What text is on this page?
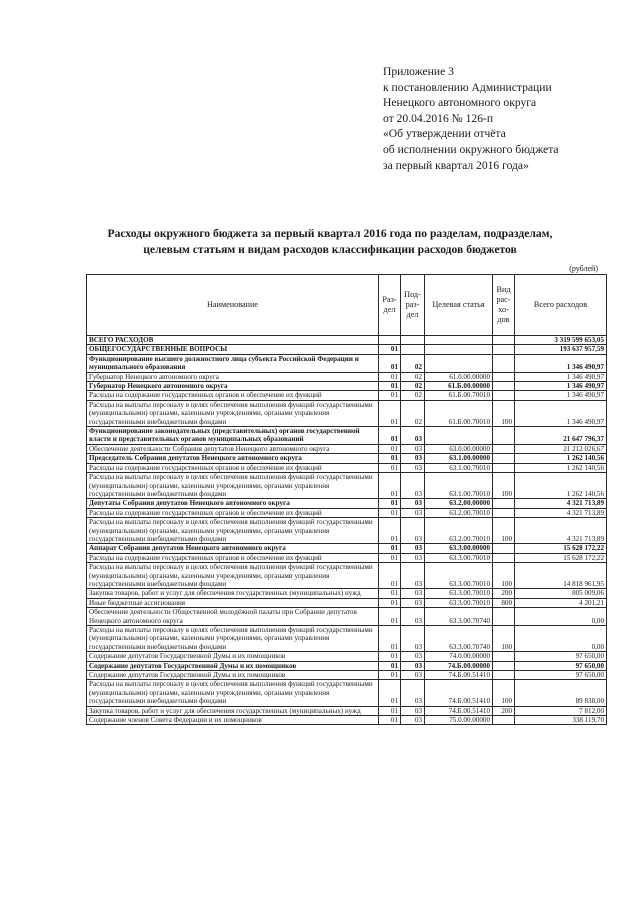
Приложение 3
к постановлению Администрации
Ненецкого автономного округа
от 20.04.2016 № 126-п
«Об утверждении отчёта
об исполнении окружного бюджета
за первый квартал 2016 года»
Расходы окружного бюджета за первый квартал 2016 года по разделам, подразделам,
целевым статьям и видам расходов классификации расходов бюджетов
(рублей)
Наименование	Раз-дел	Под-раз-дел	Целевая статья	Вид рас-хо-дов	Всего расходов
ВСЕГО РАСХОДОВ					3 319 599 653,05
ОБЩЕГОСУДАРСТВЕННЫЕ ВОПРОСЫ	01				193 637 957,59
Функционирование высшего должностного лица субъекта Российской Федерации и муниципального образования	01	02			1 346 490,97
Губернатор Ненецкого автономного округа	01	02	61.0.00.00000		1 346 490,97
Губернатор Ненецкого автономного округа	01	02	61.Б.00.00000		1 346 490,97
Расходы на содержание государственных органов и обеспечение их функций	01	02	61.Б.00.70010		1 346 490,97
Расходы на выплаты персоналу в целях обеспечения выполнения функций государственными (муниципальными) органами, казенными учреждениями, органами управления государственными внебюджетными фондами	01	02	61.Б.00.70010	100	1 346 490,97
Функционирование законодательных (представительных) органов государственной власти и представительных органов муниципальных образований	01	03			21 647 796,37
Обеспечение деятельности Собрания депутатов Ненецкого автономного округа	01	03	63.0.00.00000		21 212 026,67
Председатель Собрания депутатов Ненецкого автономного округа	01	03	63.1.00.00000		1 262 140,56
Расходы на содержание государственных органов и обеспечение их функций	01	03	63.1.00.70010		1 262 140,56
Расходы на выплаты персоналу в целях обеспечения выполнения функций государственными (муниципальными) органами, казенными учреждениями, органами управления государственными внебюджетными фондами	01	03	63.1.00.70010	100	1 262 140,56
Депутаты Собрания депутатов Ненецкого автономного округа	01	03	63.2.00.00000		4 321 713,89
Расходы на содержание государственных органов и обеспечение их функций	01	03	63.2.00.70010		4 321 713,89
Расходы на выплаты персоналу в целях обеспечения выполнения функций государственными (муниципальными) органами, казенными учреждениями, органами управления государственными внебюджетными фондами	01	03	63.2.00.70010	100	4 321 713,89
Аппарат Собрания депутатов Ненецкого автономного округа	01	03	63.3.00.00000		15 628 172,22
Расходы на содержание государственных органов и обеспечение их функций	01	03	63.3.00.70010		15 628 172,22
Расходы на выплаты персоналу в целях обеспечения выполнения функций государственными (муниципальными) органами, казенными учреждениями, органами управления государственными внебюджетными фондами	01	03	63.3.00.70010	100	14 818 961,95
Закупка товаров, работ и услуг для обеспечения государственных (муниципальных) нужд	01	03	63.3.00.70010	200	805 009,06
Иные бюджетные ассигнования	01	03	63.3.00.70010	800	4 201,21
Обеспечение деятельности Общественной молодёжной палаты при Собрании депутатов Ненецкого автономного округа	01	03	63.3.00.70740		0,00
Расходы на выплаты персоналу в целях обеспечения выполнения функций государственными (муниципальными) органами, казенными учреждениями, органами управления государственными внебюджетными фондами	01	03	63.3.00.70740	100	0,00
Содержание депутатов Государственной Думы и их помощников	01	03	74.0.00.00000		97 650,00
Содержание депутатов Государственной Думы и их помощников	01	03	74.Б.00.00000		97 650,00
Содержание депутатов Государственной Думы и их помощников	01	03	74.Б.00.51410		97 650,00
Расходы на выплаты персоналу в целях обеспечения выполнения функций государственными (муниципальными) органами, казенными учреждениями, органами управления государственными внебюджетными фондами	01	03	74.Б.00.51410	100	89 838,00
Закупка товаров, работ и услуг для обеспечения государственных (муниципальных) нужд	01	03	74.Б.00.51410	200	7 812,00
Содержание членов Совета Федерации и их помощников	01	03	75.0.00.00000		338 119,70
